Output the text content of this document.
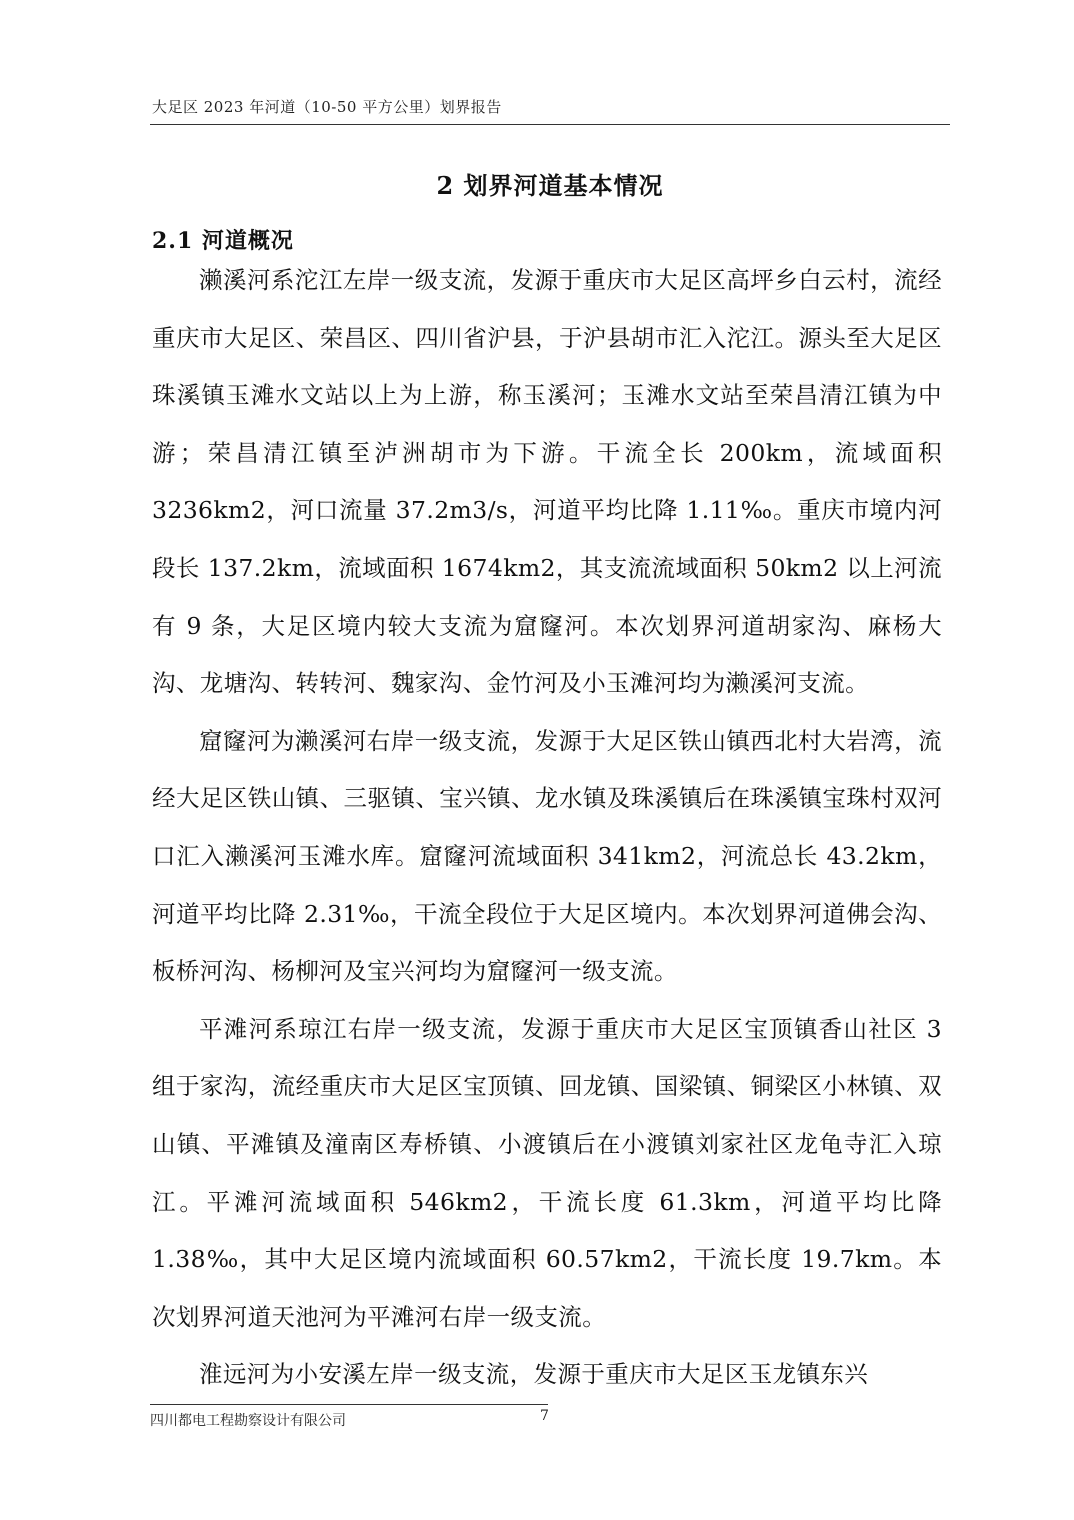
大足区 2023 年河道（10-50 平方公里）划界报告
2 划界河道基本情况
2.1 河道概况

濑溪河系沱江左岸一级支流，发源于重庆市大足区高坪乡白云村，流经重庆市大足区、荣昌区、四川省沪县，于沪县胡市汇入沱江。源头至大足区珠溪镇玉滩水文站以上为上游，称玉溪河；玉滩水文站至荣昌清江镇为中游；荣昌清江镇至泸洲胡市为下游。干流全长 200km，流域面积 3236km2，河口流量 37.2m3/s，河道平均比降 1.11‰。重庆市境内河段长 137.2km，流域面积 1674km2，其支流流域面积 50km2 以上河流有 9 条，大足区境内较大支流为窟窿河。本次划界河道胡家沟、麻杨大沟、龙塘沟、转转河、魏家沟、金竹河及小玉滩河均为濑溪河支流。

窟窿河为濑溪河右岸一级支流，发源于大足区铁山镇西北村大岩湾，流经大足区铁山镇、三驱镇、宝兴镇、龙水镇及珠溪镇后在珠溪镇宝珠村双河口汇入濑溪河玉滩水库。窟窿河流域面积 341km2，河流总长 43.2km，河道平均比降 2.31‰，干流全段位于大足区境内。本次划界河道佛会沟、板桥河沟、杨柳河及宝兴河均为窟窿河一级支流。

平滩河系琼江右岸一级支流，发源于重庆市大足区宝顶镇香山社区 3 组于家沟，流经重庆市大足区宝顶镇、回龙镇、国梁镇、铜梁区小林镇、双山镇、平滩镇及潼南区寿桥镇、小渡镇后在小渡镇刘家社区龙龟寺汇入琼江。平滩河流域面积 546km2，干流长度 61.3km，河道平均比降 1.38‰，其中大足区境内流域面积 60.57km2，干流长度 19.7km。本次划界河道天池河为平滩河右岸一级支流。

淮远河为小安溪左岸一级支流，发源于重庆市大足区玉龙镇东兴

四川都电工程勘察设计有限公司	7
